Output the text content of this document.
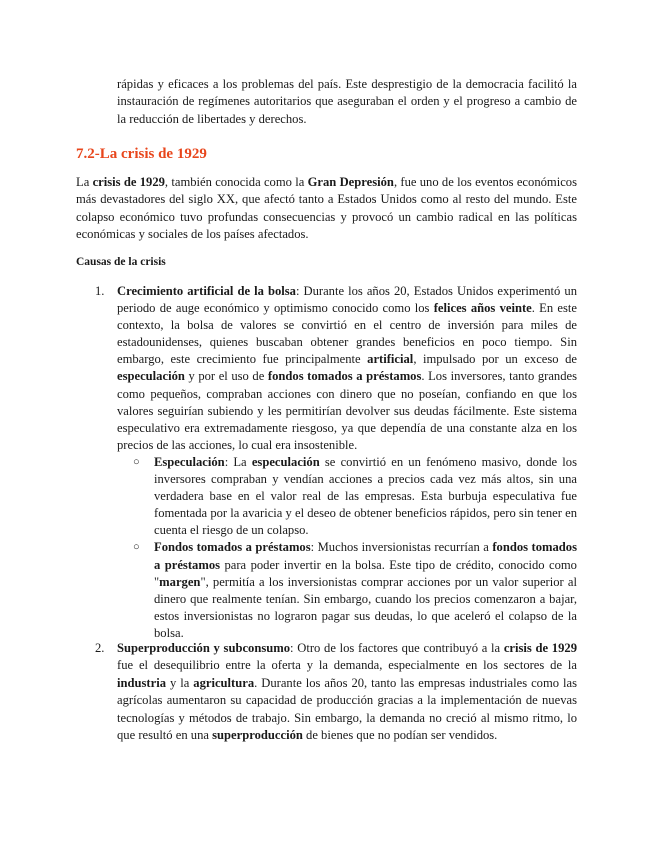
rápidas y eficaces a los problemas del país. Este desprestigio de la democracia facilitó la instauración de regímenes autoritarios que aseguraban el orden y el progreso a cambio de la reducción de libertades y derechos.

7.2-La crisis de 1929

La crisis de 1929, también conocida como la Gran Depresión, fue uno de los eventos económicos más devastadores del siglo XX, que afectó tanto a Estados Unidos como al resto del mundo. Este colapso económico tuvo profundas consecuencias y provocó un cambio radical en las políticas económicas y sociales de los países afectados.

Causas de la crisis
1. Crecimiento artificial de la bolsa: Durante los años 20, Estados Unidos experimentó un periodo de auge económico y optimismo conocido como los felices años veinte. En este contexto, la bolsa de valores se convirtió en el centro de inversión para miles de estadounidenses, quienes buscaban obtener grandes beneficios en poco tiempo. Sin embargo, este crecimiento fue principalmente artificial, impulsado por un exceso de especulación y por el uso de fondos tomados a préstamos. Los inversores, tanto grandes como pequeños, compraban acciones con dinero que no poseían, confiando en que los valores seguirían subiendo y les permitirían devolver sus deudas fácilmente. Este sistema especulativo era extremadamente riesgoso, ya que dependía de una constante alza en los precios de las acciones, lo cual era insostenible.

○ Especulación: La especulación se convirtió en un fenómeno masivo, donde los inversores compraban y vendían acciones a precios cada vez más altos, sin una verdadera base en el valor real de las empresas. Esta burbuja especulativa fue fomentada por la avaricia y el deseo de obtener beneficios rápidos, pero sin tener en cuenta el riesgo de un colapso.

○ Fondos tomados a préstamos: Muchos inversionistas recurrían a fondos tomados a préstamos para poder invertir en la bolsa. Este tipo de crédito, conocido como "margen", permitía a los inversionistas comprar acciones por un valor superior al dinero que realmente tenían. Sin embargo, cuando los precios comenzaron a bajar, estos inversionistas no lograron pagar sus deudas, lo que aceleró el colapso de la bolsa.

2. Superproducción y subconsumo: Otro de los factores que contribuyó a la crisis de 1929 fue el desequilibrio entre la oferta y la demanda, especialmente en los sectores de la industria y la agricultura. Durante los años 20, tanto las empresas industriales como las agrícolas aumentaron su capacidad de producción gracias a la implementación de nuevas tecnologías y métodos de trabajo. Sin embargo, la demanda no creció al mismo ritmo, lo que resultó en una superproducción de bienes que no podían ser vendidos.
